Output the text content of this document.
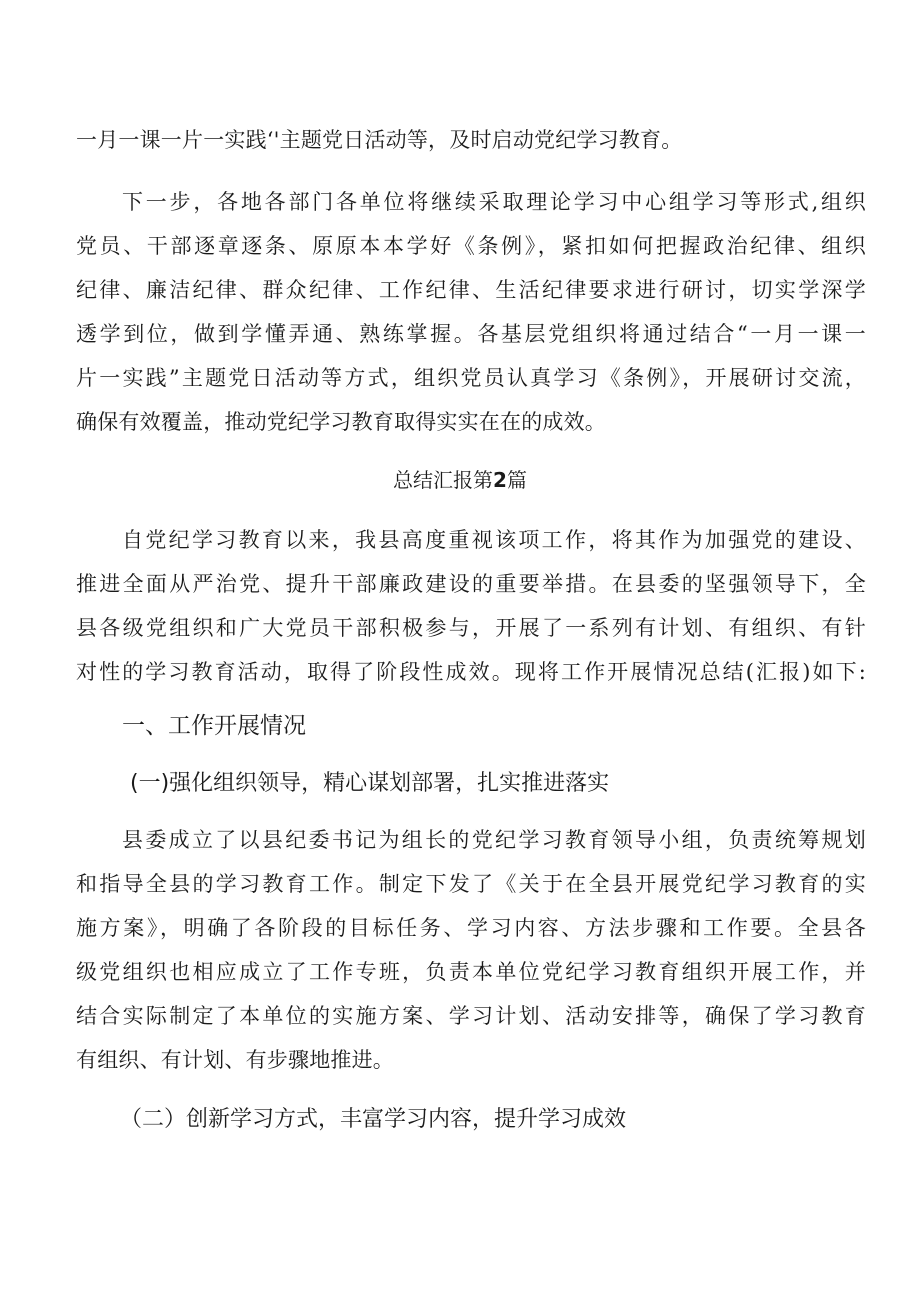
一月一课一片一实践‘'主题党日活动等，及时启动党纪学习教育。
下一步，各地各部门各单位将继续采取理论学习中心组学习等形式,组织
党员、干部逐章逐条、原原本本学好《条例》，紧扣如何把握政治纪律、组织
纪律、廉洁纪律、群众纪律、工作纪律、生活纪律要求进行研讨，切实学深学
透学到位，做到学懂弄通、熟练掌握。各基层党组织将通过结合“一月一课一
片一实践”主题党日活动等方式，组织党员认真学习《条例》，开展研讨交流，
确保有效覆盖，推动党纪学习教育取得实实在在的成效。
总结汇报第2篇
自党纪学习教育以来，我县高度重视该项工作，将其作为加强党的建设、
推进全面从严治党、提升干部廉政建设的重要举措。在县委的坚强领导下，全
县各级党组织和广大党员干部积极参与，开展了一系列有计划、有组织、有针
对性的学习教育活动，取得了阶段性成效。现将工作开展情况总结(汇报)如下:
一、工作开展情况
(一)强化组织领导，精心谋划部署，扎实推进落实
县委成立了以县纪委书记为组长的党纪学习教育领导小组，负责统筹规划
和指导全县的学习教育工作。制定下发了《关于在全县开展党纪学习教育的实
施方案》，明确了各阶段的目标任务、学习内容、方法步骤和工作要。全县各
级党组织也相应成立了工作专班，负责本单位党纪学习教育组织开展工作，并
结合实际制定了本单位的实施方案、学习计划、活动安排等，确保了学习教育
有组织、有计划、有步骤地推进。
（二）创新学习方式，丰富学习内容，提升学习成效
